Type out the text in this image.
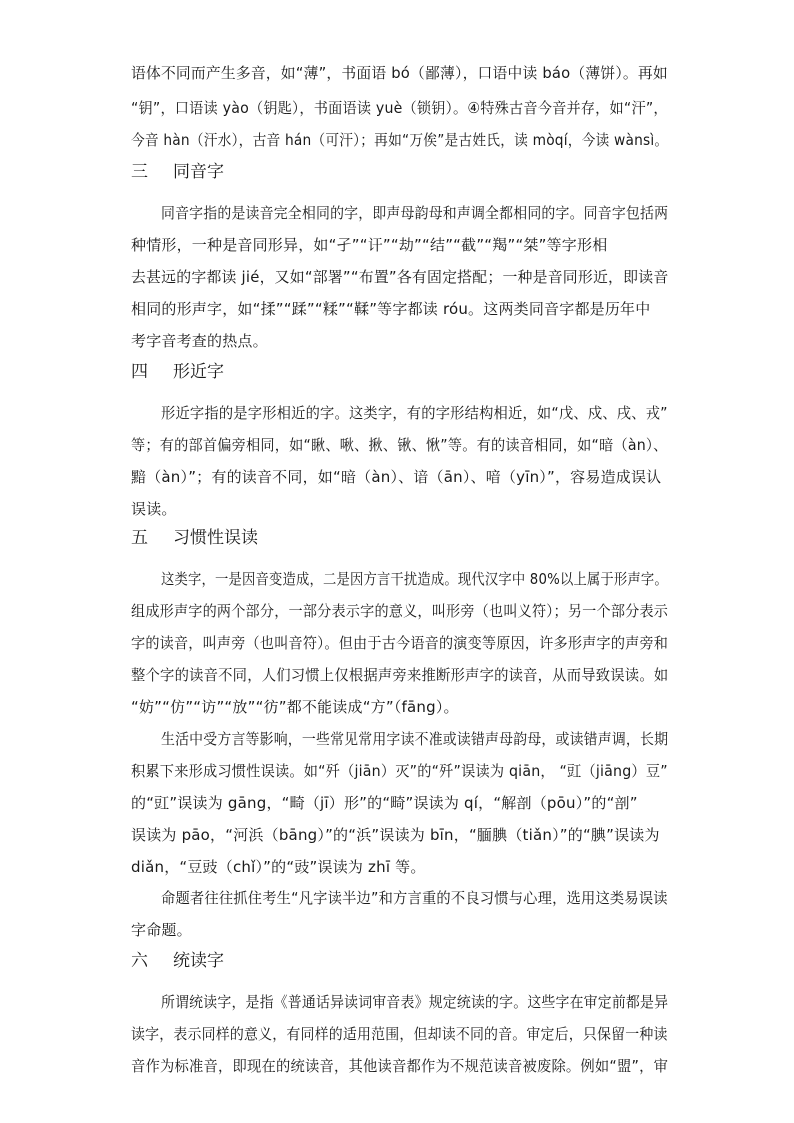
语体不同而产生多音，如“薄”，书面语 bó（鄙薄），口语中读 báo（薄饼）。再如
“钥”，口语读 yào（钥匙），书面语读 yuè（锁钥）。④特殊古音今音并存，如“汗”，
今音 hàn（汗水），古音 hán（可汗）；再如“万俟”是古姓氏，读 mòqí，今读 wànsì。
三 同音字
同音字指的是读音完全相同的字，即声母韵母和声调全都相同的字。同音字包括两
种情形，一种是音同形异，如“孑”“讦”“劫”“结”“截”“羯”“桀”等字形相
去甚远的字都读 jié，又如“部署”“布置”各有固定搭配；一种是音同形近，即读音
相同的形声字，如“揉”“蹂”“糅”“鞣”等字都读 róu。这两类同音字都是历年中
考字音考查的热点。
四 形近字
形近字指的是字形相近的字。这类字，有的字形结构相近，如“戊、戍、戌、戎”
等；有的部首偏旁相同，如“瞅、啾、揪、锹、愀”等。有的读音相同，如“暗（àn）、
黯（àn）”；有的读音不同，如“暗（àn）、谙（ān）、喑（yīn）”，容易造成误认
误读。
五 习惯性误读
这类字，一是因音变造成，二是因方言干扰造成。现代汉字中 80%以上属于形声字。
组成形声字的两个部分，一部分表示字的意义，叫形旁（也叫义符）；另一个部分表示
字的读音，叫声旁（也叫音符）。但由于古今语音的演变等原因，许多形声字的声旁和
整个字的读音不同，人们习惯上仅根据声旁来推断形声字的读音，从而导致误读。如
“妨”“仿”“访”“放”“彷”都不能读成“方”（fāng）。
生活中受方言等影响，一些常见常用字读不准或读错声母韵母，或读错声调，长期
积累下来形成习惯性误读。如“歼（jiān）灭”的“歼”误读为 qiān， “豇（jiāng）豆”
的“豇”误读为 gāng，“畸（jī）形”的“畸”误读为 qí，“解剖（pōu）”的“剖”
误读为 pāo，“河浜（bāng）”的“浜”误读为 bīn，“腼腆（tiǎn）”的“腆”误读为
diǎn，“豆豉（chǐ）”的“豉”误读为 zhī 等。
命题者往往抓住考生“凡字读半边”和方言重的不良习惯与心理，选用这类易误读
字命题。
六 统读字
所谓统读字，是指《普通话异读词审音表》规定统读的字。这些字在审定前都是异
读字，表示同样的意义，有同样的适用范围，但却读不同的音。审定后，只保留一种读
音作为标准音，即现在的统读音，其他读音都作为不规范读音被废除。例如“盟”，审
